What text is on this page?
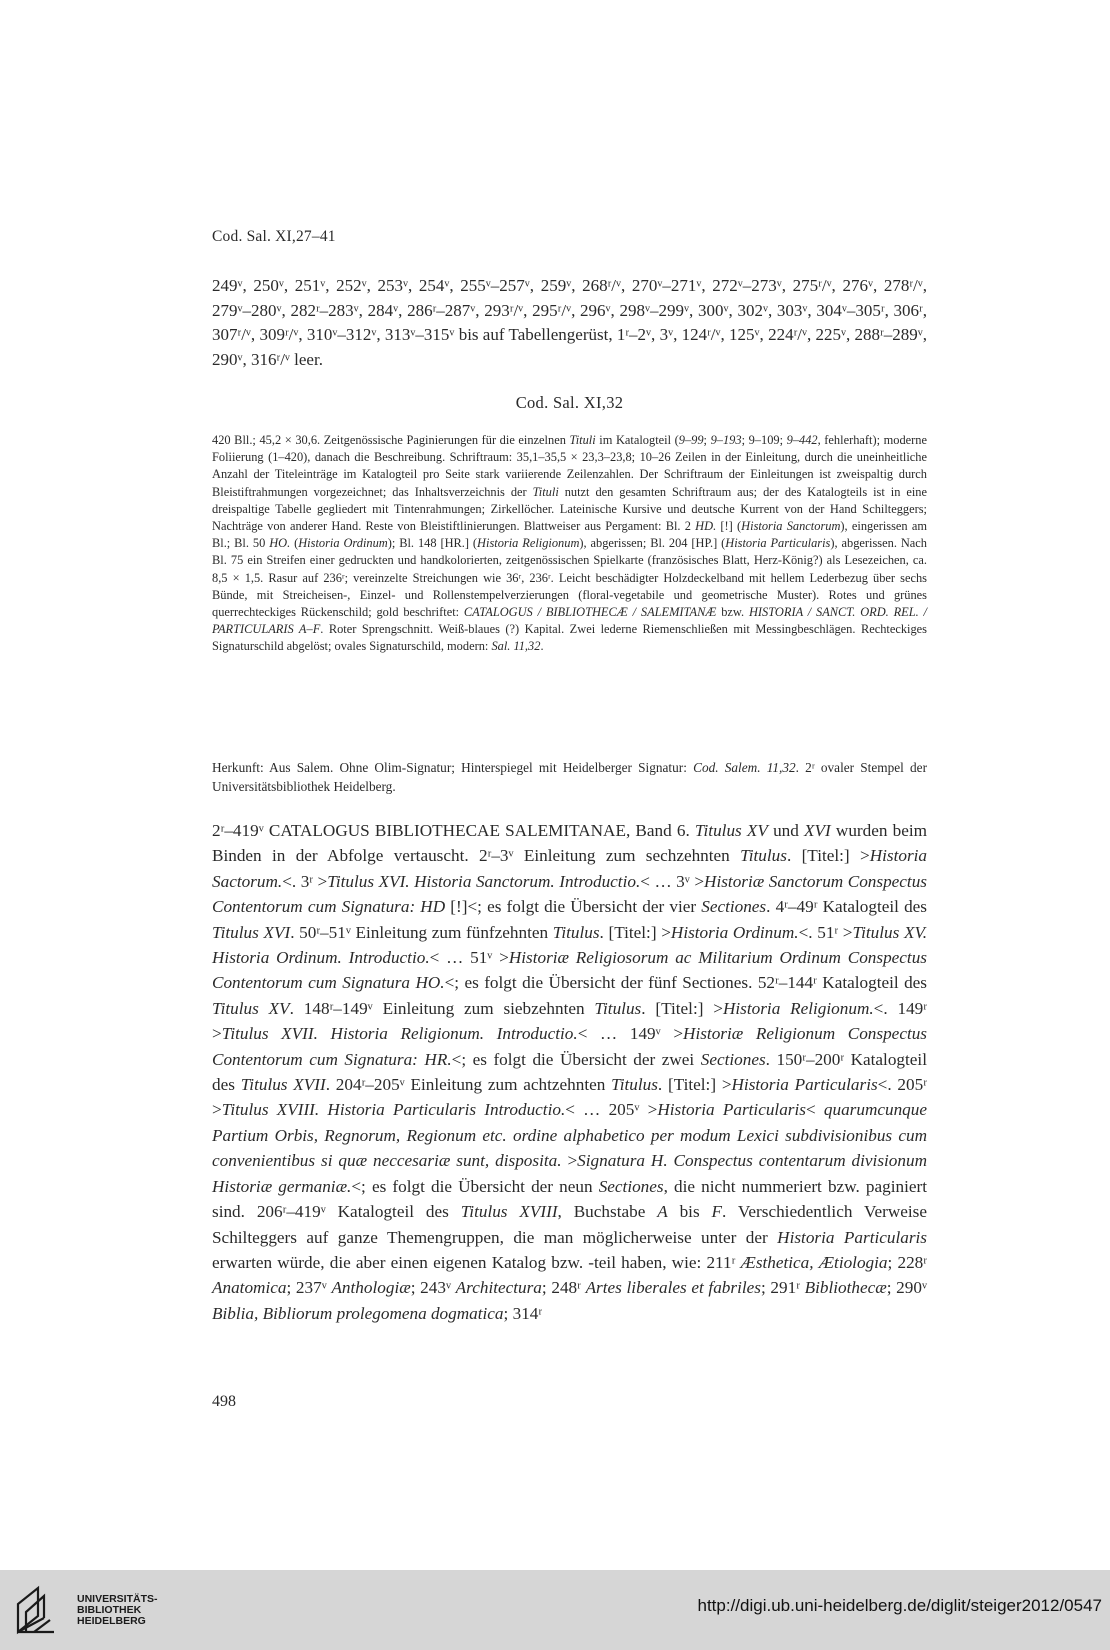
Cod. Sal. XI,27–41
249ᵛ, 250ᵛ, 251ᵛ, 252ᵛ, 253ᵛ, 254ᵛ, 255ᵛ–257ᵛ, 259ᵛ, 268ʳ/ᵛ, 270ᵛ–271ᵛ, 272ᵛ–273ᵛ, 275ʳ/ᵛ, 276ᵛ, 278ʳ/ᵛ, 279ᵛ–280ᵛ, 282ʳ–283ᵛ, 284ᵛ, 286ʳ–287ᵛ, 293ʳ/ᵛ, 295ʳ/ᵛ, 296ᵛ, 298ᵛ–299ᵛ, 300ᵛ, 302ᵛ, 303ᵛ, 304ᵛ–305ʳ, 306ʳ, 307ʳ/ᵛ, 309ʳ/ᵛ, 310ᵛ–312ᵛ, 313ᵛ–315ᵛ bis auf Tabellengerüst, 1ʳ–2ᵛ, 3ᵛ, 124ʳ/ᵛ, 125ᵛ, 224ʳ/ᵛ, 225ᵛ, 288ʳ–289ᵛ, 290ᵛ, 316ʳ/ᵛ leer.
Cod. Sal. XI,32
420 Bll.; 45,2 × 30,6. Zeitgenössische Paginierungen für die einzelnen Tituli im Katalogteil (9–99; 9–193; 9–109; 9–442, fehlerhaft); moderne Foliierung (1–420), danach die Beschreibung. Schriftraum: 35,1–35,5 × 23,3–23,8; 10–26 Zeilen in der Einleitung, durch die uneinheitliche Anzahl der Titeleinträge im Katalogteil pro Seite stark variierende Zeilenzahlen. Der Schriftraum der Einleitungen ist zweispaltig durch Bleistiftrahmungen vorgezeichnet; das Inhaltsverzeichnis der Tituli nutzt den gesamten Schriftraum aus; der des Katalogteils ist in eine dreispaltige Tabelle gegliedert mit Tintenrahmungen; Zirkellöcher. Lateinische Kursive und deutsche Kurrent von der Hand Schilteggers; Nachträge von anderer Hand. Reste von Bleistiftlinierungen. Blattweiser aus Pergament: Bl. 2 HD. [!] (Historia Sanctorum), eingerissen am Bl.; Bl. 50 HO. (Historia Ordinum); Bl. 148 [HR.] (Historia Religionum), abgerissen; Bl. 204 [HP.] (Historia Particularis), abgerissen. Nach Bl. 75 ein Streifen einer gedruckten und handkolorierten, zeitgenössischen Spielkarte (französisches Blatt, Herz-König?) als Lesezeichen, ca. 8,5 × 1,5. Rasur auf 236ʳ; vereinzelte Streichungen wie 36ʳ, 236ʳ. Leicht beschädigter Holzdeckelband mit hellem Lederbezug über sechs Bünde, mit Streicheisen-, Einzel- und Rollenstempelverzierungen (floral-vegetabile und geometrische Muster). Rotes und grünes querrechteckiges Rückenschild; gold beschriftet: CATALOGUS / BIBLIOTHECÆ / SALEMITANÆ bzw. HISTORIA / SANCT. ORD. REL. / PARTICULARIS A–F. Roter Sprengschnitt. Weiß-blaues (?) Kapital. Zwei lederne Riemenschließen mit Messingbeschlägen. Rechteckiges Signaturschild abgelöst; ovales Signaturschild, modern: Sal. 11,32.
Herkunft: Aus Salem. Ohne Olim-Signatur; Hinterspiegel mit Heidelberger Signatur: Cod. Salem. 11,32. 2ʳ ovaler Stempel der Universitätsbibliothek Heidelberg.
2ʳ–419ᵛ CATALOGUS BIBLIOTHECAE SALEMITANAE, Band 6. Titulus XV und XVI wurden beim Binden in der Abfolge vertauscht. 2ʳ–3ᵛ Einleitung zum sechzehnten Titulus. [Titel:] >Historia Sactorum.<. 3ʳ >Titulus XVI. Historia Sanctorum. Introductio.< … 3ᵛ >Historiæ Sanctorum Conspectus Contentorum cum Signatura: HD [!]<; es folgt die Übersicht der vier Sectiones. 4ʳ–49ʳ Katalogteil des Titulus XVI. 50ʳ–51ᵛ Einleitung zum fünfzehnten Titulus. [Titel:] >Historia Ordinum.<. 51ʳ >Titulus XV. Historia Ordinum. Introductio.< … 51ᵛ >Historiæ Religiosorum ac Militarium Ordinum Conspectus Contentorum cum Signatura HO.<; es folgt die Übersicht der fünf Sectiones. 52ʳ–144ʳ Katalogteil des Titulus XV. 148ʳ–149ᵛ Einleitung zum siebzehnten Titulus. [Titel:] >Historia Religionum.<. 149ʳ >Titulus XVII. Historia Religionum. Introductio.< … 149ᵛ >Historiæ Religionum Conspectus Contentorum cum Signatura: HR.<; es folgt die Übersicht der zwei Sectiones. 150ʳ–200ʳ Katalogteil des Titulus XVII. 204ʳ–205ᵛ Einleitung zum achtzehnten Titulus. [Titel:] >Historia Particularis<. 205ʳ >Titulus XVIII. Historia Particularis Introductio.< … 205ᵛ >Historia Particularis< quarumcunque Partium Orbis, Regnorum, Regionum etc. ordine alphabetico per modum Lexici subdivisionibus cum convenientibus si quæ neccesariæ sunt, disposita. >Signatura H. Conspectus contentarum divisionum Historiæ germaniæ.<; es folgt die Übersicht der neun Sectiones, die nicht nummeriert bzw. paginiert sind. 206ʳ–419ᵛ Katalogteil des Titulus XVIII, Buchstabe A bis F. Verschiedentlich Verweise Schilteggers auf ganze Themengruppen, die man möglicherweise unter der Historia Particularis erwarten würde, die aber einen eigenen Katalog bzw. -teil haben, wie: 211ʳ Æsthetica, Ætiologia; 228ʳ Anatomica; 237ᵛ Anthologiæ; 243ᵛ Architectura; 248ʳ Artes liberales et fabriles; 291ʳ Bibliothecæ; 290ᵛ Biblia, Bibliorum prolegomena dogmatica; 314ʳ
498
UNIVERSITÄTS-
BIBLIOTHEK
HEIDELBERG
http://digi.ub.uni-heidelberg.de/diglit/steiger2012/0547
